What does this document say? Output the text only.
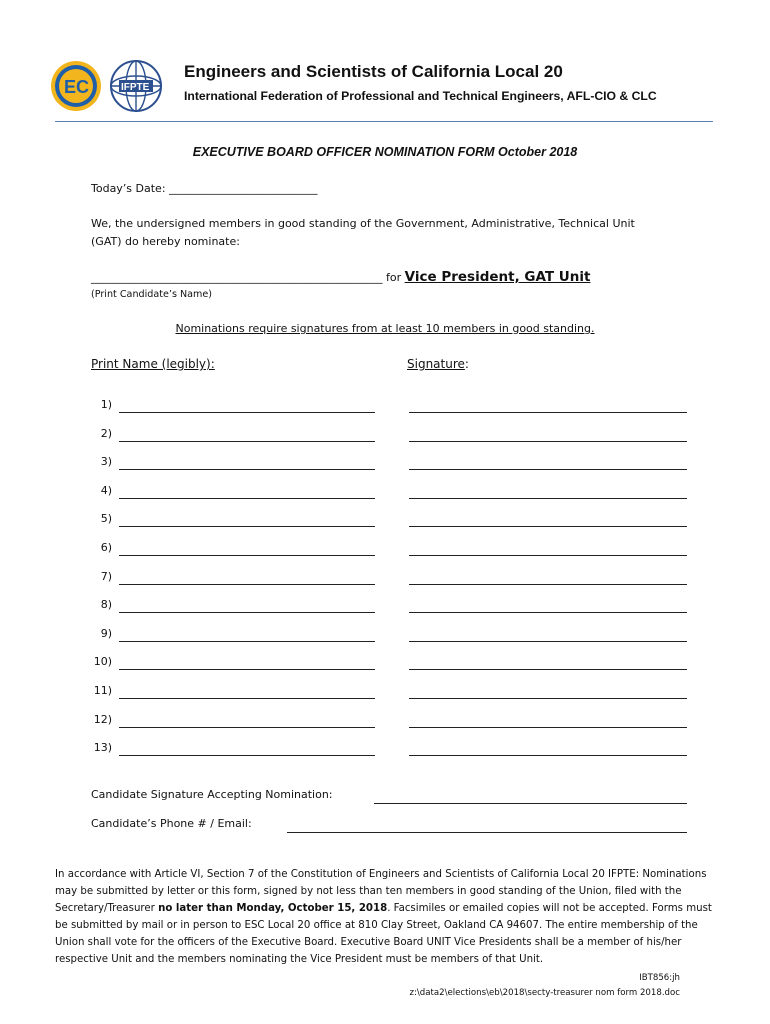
E C	IFPTE
Engineers and Scientists of California Local 20
International Federation of Professional and Technical Engineers, AFL-CIO & CLC
EXECUTIVE BOARD OFFICER NOMINATION FORM October 2018
Today’s Date: ___________________________
We, the undersigned members in good standing of the Government, Administrative, Technical Unit
(GAT) do hereby nominate:
_____________________________________________________ for Vice President, GAT Unit
(Print Candidate’s Name)
Nominations require signatures from at least 10 members in good standing.
Print Name (legibly):	Signature:
1)
2)
3)
4)
5)
6)
7)
8)
9)
10)
11)
12)
13)
Candidate Signature Accepting Nomination:
Candidate’s Phone # / Email:
In accordance with Article VI, Section 7 of the Constitution of Engineers and Scientists of California Local 20 IFPTE: Nominations may be submitted by letter or this form, signed by not less than ten members in good standing of the Union, filed with the Secretary/Treasurer no later than Monday, October 15, 2018. Facsimiles or emailed copies will not be accepted. Forms must be submitted by mail or in person to ESC Local 20 office at 810 Clay Street, Oakland CA 94607. The entire membership of the Union shall vote for the officers of the Executive Board. Executive Board UNIT Vice Presidents shall be a member of his/her respective Unit and the members nominating the Vice President must be members of that Unit.
IBT856:jh
z:\data2\elections\eb\2018\secty-treasurer nom form 2018.doc
